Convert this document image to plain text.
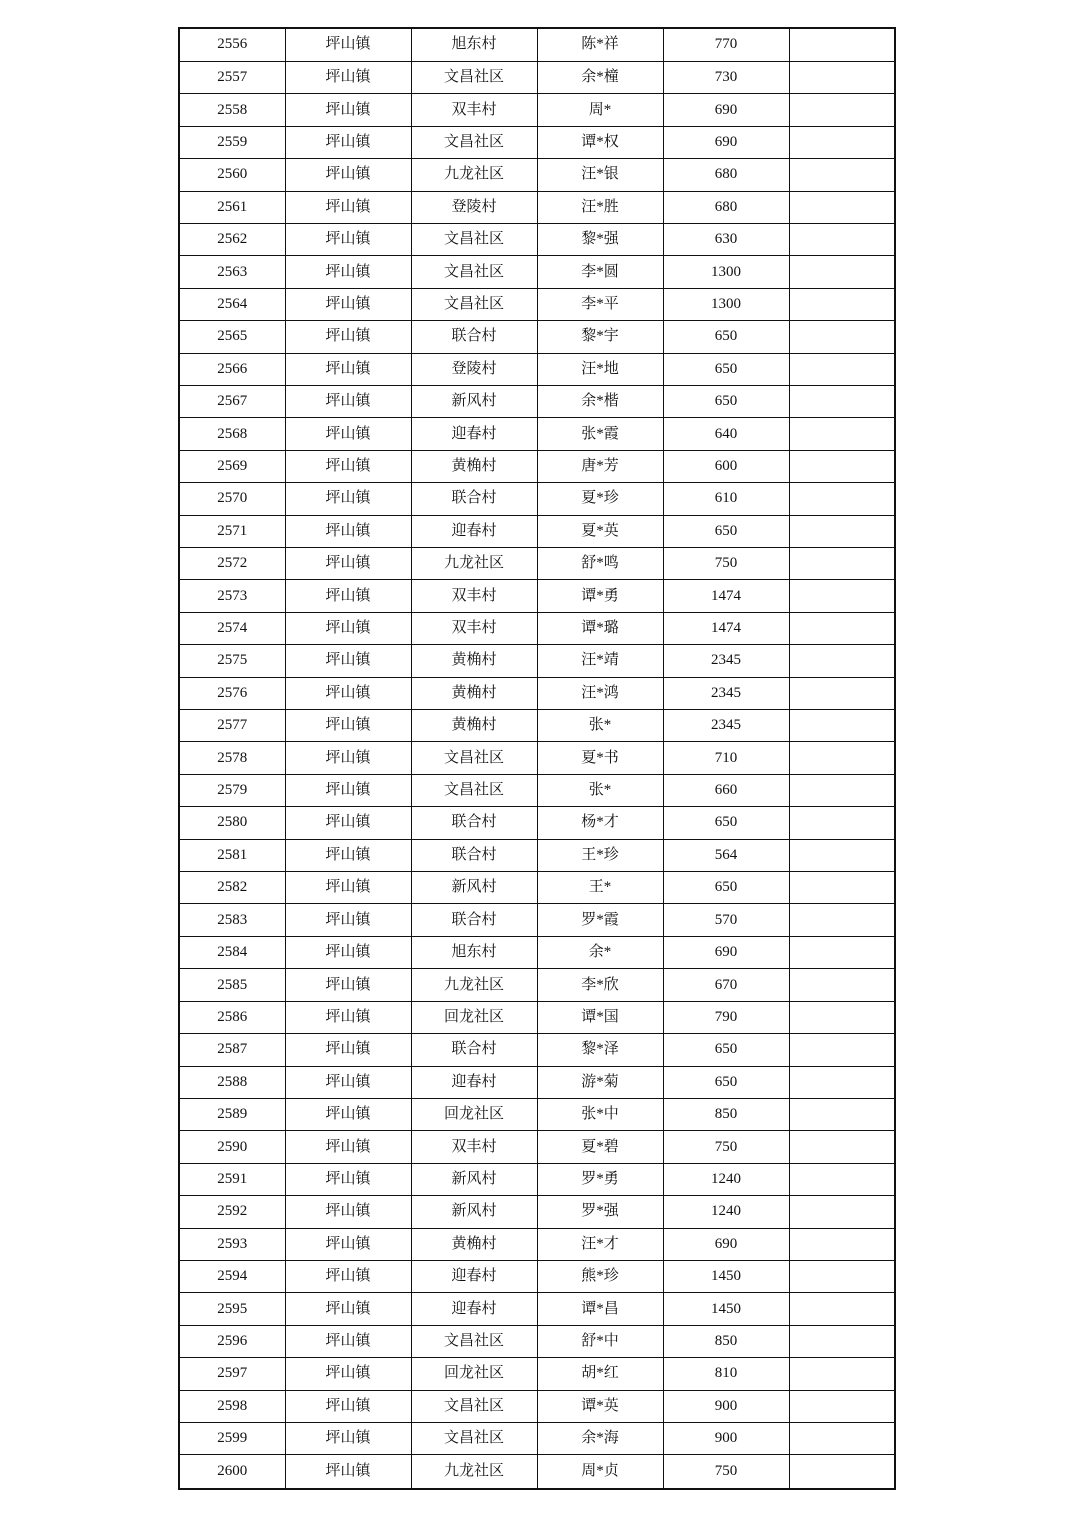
2556	坪山镇	旭东村	陈*祥	770	
2557	坪山镇	文昌社区	余*橦	730	
2558	坪山镇	双丰村	周*	690	
2559	坪山镇	文昌社区	谭*权	690	
2560	坪山镇	九龙社区	汪*银	680	
2561	坪山镇	登陵村	汪*胜	680	
2562	坪山镇	文昌社区	黎*强	630	
2563	坪山镇	文昌社区	李*圆	1300	
2564	坪山镇	文昌社区	李*平	1300	
2565	坪山镇	联合村	黎*宇	650	
2566	坪山镇	登陵村	汪*地	650	
2567	坪山镇	新风村	余*楷	650	
2568	坪山镇	迎春村	张*霞	640	
2569	坪山镇	黄桷村	唐*芳	600	
2570	坪山镇	联合村	夏*珍	610	
2571	坪山镇	迎春村	夏*英	650	
2572	坪山镇	九龙社区	舒*鸣	750	
2573	坪山镇	双丰村	谭*勇	1474	
2574	坪山镇	双丰村	谭*璐	1474	
2575	坪山镇	黄桷村	汪*靖	2345	
2576	坪山镇	黄桷村	汪*鸿	2345	
2577	坪山镇	黄桷村	张*	2345	
2578	坪山镇	文昌社区	夏*书	710	
2579	坪山镇	文昌社区	张*	660	
2580	坪山镇	联合村	杨*才	650	
2581	坪山镇	联合村	王*珍	564	
2582	坪山镇	新风村	王*	650	
2583	坪山镇	联合村	罗*霞	570	
2584	坪山镇	旭东村	余*	690	
2585	坪山镇	九龙社区	李*欣	670	
2586	坪山镇	回龙社区	谭*国	790	
2587	坪山镇	联合村	黎*泽	650	
2588	坪山镇	迎春村	游*菊	650	
2589	坪山镇	回龙社区	张*中	850	
2590	坪山镇	双丰村	夏*碧	750	
2591	坪山镇	新风村	罗*勇	1240	
2592	坪山镇	新风村	罗*强	1240	
2593	坪山镇	黄桷村	汪*才	690	
2594	坪山镇	迎春村	熊*珍	1450	
2595	坪山镇	迎春村	谭*昌	1450	
2596	坪山镇	文昌社区	舒*中	850	
2597	坪山镇	回龙社区	胡*红	810	
2598	坪山镇	文昌社区	谭*英	900	
2599	坪山镇	文昌社区	余*海	900	
2600	坪山镇	九龙社区	周*贞	750	
